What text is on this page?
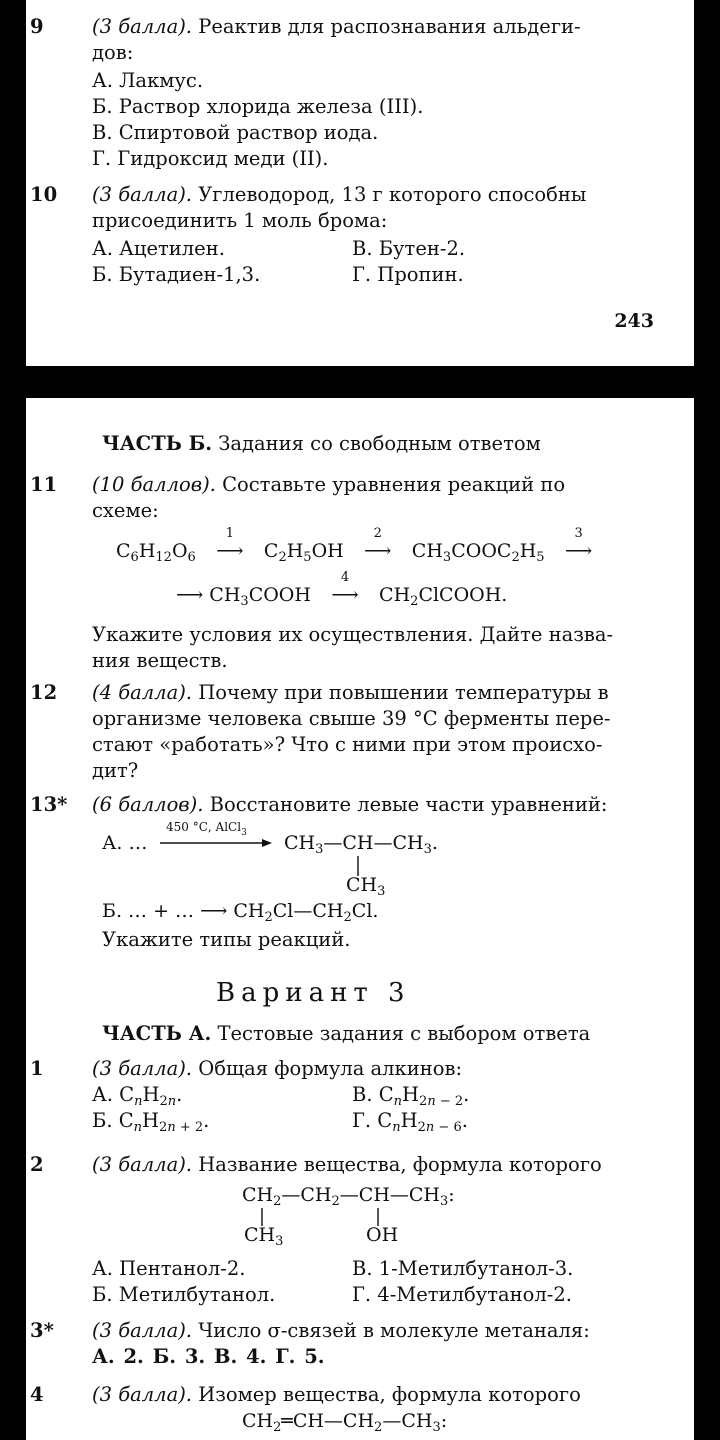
9 (3 балла). Реактив для распознавания альдеги-
дов:
А. Лакмус.
Б. Раствор хлорида железа (III).
В. Спиртовой раствор иода.
Г. Гидроксид меди (II).
10 (3 балла). Углеводород, 13 г которого способны
присоединить 1 моль брома:
А. Ацетилен.	В. Бутен-2.
Б. Бутадиен-1,3.	Г. Пропин.
243
ЧАСТЬ Б. Задания со свободным ответом
11 (10 баллов). Составьте уравнения реакций по
схеме:
$C_6H_{12}O_6$
1
⟶ $C_2H_5OH$
2
⟶ $CH_3COOC_2H_5$
3
⟶
⟶ $CH_3COOH$
4
⟶ $CH_2ClCOOH$.
Укажите условия их осуществления. Дайте назва-
ния веществ.
12 (4 балла). Почему при повышении температуры в
организме человека свыше 39 °С ферменты пере-
стают «работать»? Что с ними при этом происхо-
дит?
13* (6 баллов). Восстановите левые части уравнений:
А. …
450 °С, AlCl$_3$ $CH_3—CH—CH_3$.
$CH_3$
Б. … + … ⟶ $CH_2Cl—CH_2Cl$.
Укажите типы реакций.
Вариант 3
ЧАСТЬ А. Тестовые задания с выбором ответа
1 (3 балла). Общая формула алкинов:
А. $C_nH_{2n}$.	В. $C_nH_{2n - 2}$.
Б. $C_nH_{2n + 2}$.	Г. $C_nH_{2n - 6}$.
2 (3 балла). Название вещества, формула которого
$CH_2—CH_2—CH—CH_3$:
$CH_3$	OH
А. Пентанол-2.	В. 1-Метилбутанол-3.
Б. Метилбутанол.	Г. 4-Метилбутанол-2.
3* (3 балла). Число σ-связей в молекуле метаналя:
А. 2. Б. 3. В. 4. Г. 5.
4 (3 балла). Изомер вещества, формула которого
$CH_2═CH—CH_2—CH_3$:
